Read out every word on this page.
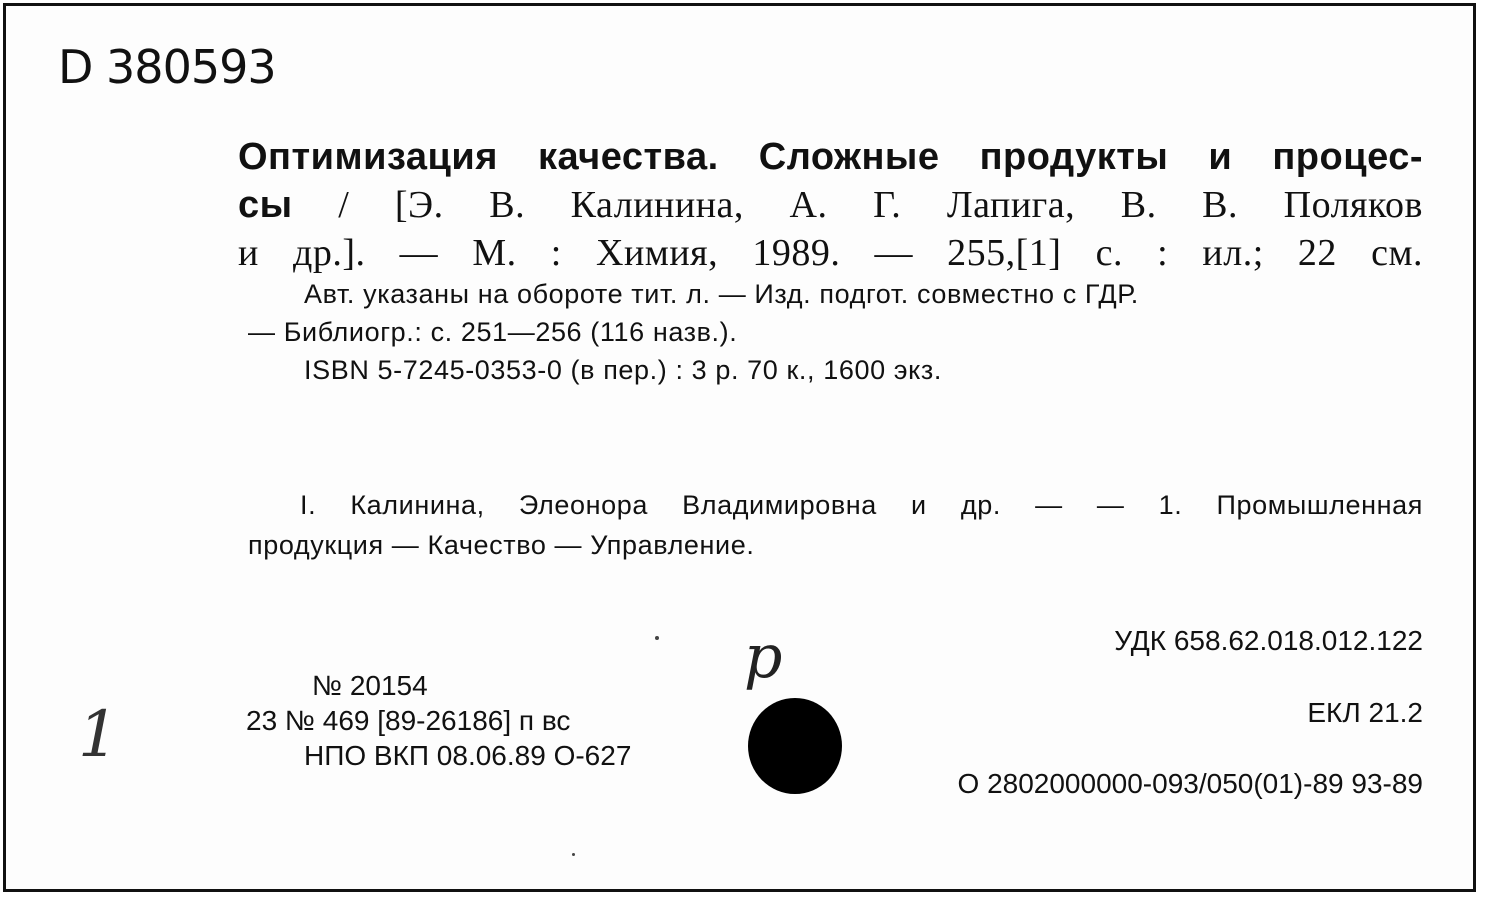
D 380593
Оптимизация качества. Сложные продукты и процес-
сы / [Э. В. Калинина, А. Г. Лапига, В. В. Поляков
и др.]. — М. : Химия, 1989. — 255,[1] с. : ил.; 22 см.
Авт. указаны на обороте тит. л. — Изд. подгот. совместно с ГДР.
— Библиогр.: с. 251—256 (116 назв.).
ISBN 5-7245-0353-0 (в пер.) : 3 р. 70 к., 1600 экз.
I. Калинина, Элеонора Владимировна и др. — — 1. Промышленная
продукция — Качество — Управление.
1
р
№ 20154
23 № 469 [89-26186] п вс
НПО ВКП 08.06.89 О-627
УДК 658.62.018.012.122
ЕКЛ 21.2
О 2802000000-093/050(01)-89 93-89
